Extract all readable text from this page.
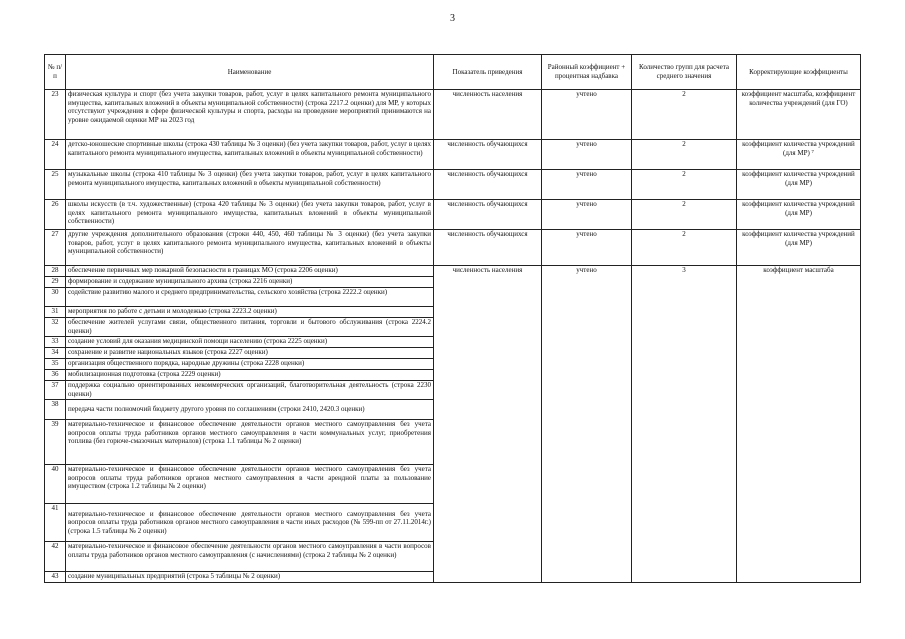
3
№ п/п	Наименование	Показатель приведения	Районный коэффициент + процентная надбавка	Количество групп для расчета среднего значения	Корректирующие коэффициенты
23	физическая культура и спорт (без учета закупки товаров, работ, услуг в целях капитального ремонта муниципального имущества, капитальных вложений в объекты муниципальной собственности) (строка 2217.2 оценки) для МР, у которых отсутствуют учреждения в сфере физической культуры и спорта, расходы на проведение мероприятий принимаются на уровне ожидаемой оценки МР на 2023 год	численность населения	учтено	2	коэффициент масштаба, коэффициент количества учреждений (для ГО)
24	детско-юношеские спортивные школы (строка 430 таблицы № 3 оценки) (без учета закупки товаров, работ, услуг в целях капитального ремонта муниципального имущества, капитальных вложений в объекты муниципальной собственности)	численность обучающихся	учтено	2	коэффициент количества учреждений (для МР) ⁷
25	музыкальные школы (строка 410 таблицы № 3 оценки) (без учета закупки товаров, работ, услуг в целях капитального ремонта муниципального имущества, капитальных вложений в объекты муниципальной собственности)	численность обучающихся	учтено	2	коэффициент количества учреждений (для МР)
26	школы искусств (в т.ч. художественные) (строка 420 таблицы № 3 оценки) (без учета закупки товаров, работ, услуг в целях капитального ремонта муниципального имущества, капитальных вложений в объекты муниципальной собственности)	численность обучающихся	учтено	2	коэффициент количества учреждений (для МР)
27	другие учреждения дополнительного образования (строки 440, 450, 460 таблицы № 3 оценки) (без учета закупки товаров, работ, услуг в целях капитального ремонта муниципального имущества, капитальных вложений в объекты муниципальной собственности)	численность обучающихся	учтено	2	коэффициент количества учреждений (для МР)
28	обеспечение первичных мер пожарной безопасности в границах МО (строка 2206 оценки)	численность населения	учтено	3	коэффициент масштаба
29	формирование и содержание муниципального архива (строка 2216 оценки)				
30	содействие развитию малого и среднего предпринимательства, сельского хозяйства (строка 2222.2 оценки)				
31	мероприятия по работе с детьми и молодежью (строка 2223.2 оценки)				
32	обеспечение жителей услугами связи, общественного питания, торговли и бытового обслуживания (строка 2224.2 оценки)				
33	создание условий для оказания медицинской помощи населению (строка 2225 оценки)				
34	сохранение и развитие национальных языков (строка 2227 оценки)				
35	организация общественного порядка, народные дружины (строка 2228 оценки)				
36	мобилизационная подготовка (строка 2229 оценки)				
37	поддержка социально ориентированных некоммерческих организаций, благотворительная деятельность (строка 2230 оценки)				
38	передача части полномочий бюджету другого уровня по соглашениям (строки 2410, 2420.3 оценки)				
39	материально-техническое и финансовое обеспечение деятельности органов местного самоуправления без учета вопросов оплаты труда работников органов местного самоуправления в части коммунальных услуг, приобретения топлива (без горюче-смазочных материалов) (строка 1.1 таблицы № 2 оценки)				
40	материально-техническое и финансовое обеспечение деятельности органов местного самоуправления без учета вопросов оплаты труда работников органов местного самоуправления в части арендной платы за пользование имуществом (строка 1.2 таблицы № 2 оценки)				
41	материально-техническое и финансовое обеспечение деятельности органов местного самоуправления без учета вопросов оплаты труда работников органов местного самоуправления в части иных расходов (№ 599-пп от 27.11.2014г.) (строка 1.5 таблицы № 2 оценки)				
42	материально-техническое и финансовое обеспечение деятельности органов местного самоуправления в части вопросов оплаты труда работников органов местного самоуправления (с начислениями) (строка 2 таблицы № 2 оценки)				
43	создание муниципальных предприятий (строка 5 таблицы № 2 оценки)				
